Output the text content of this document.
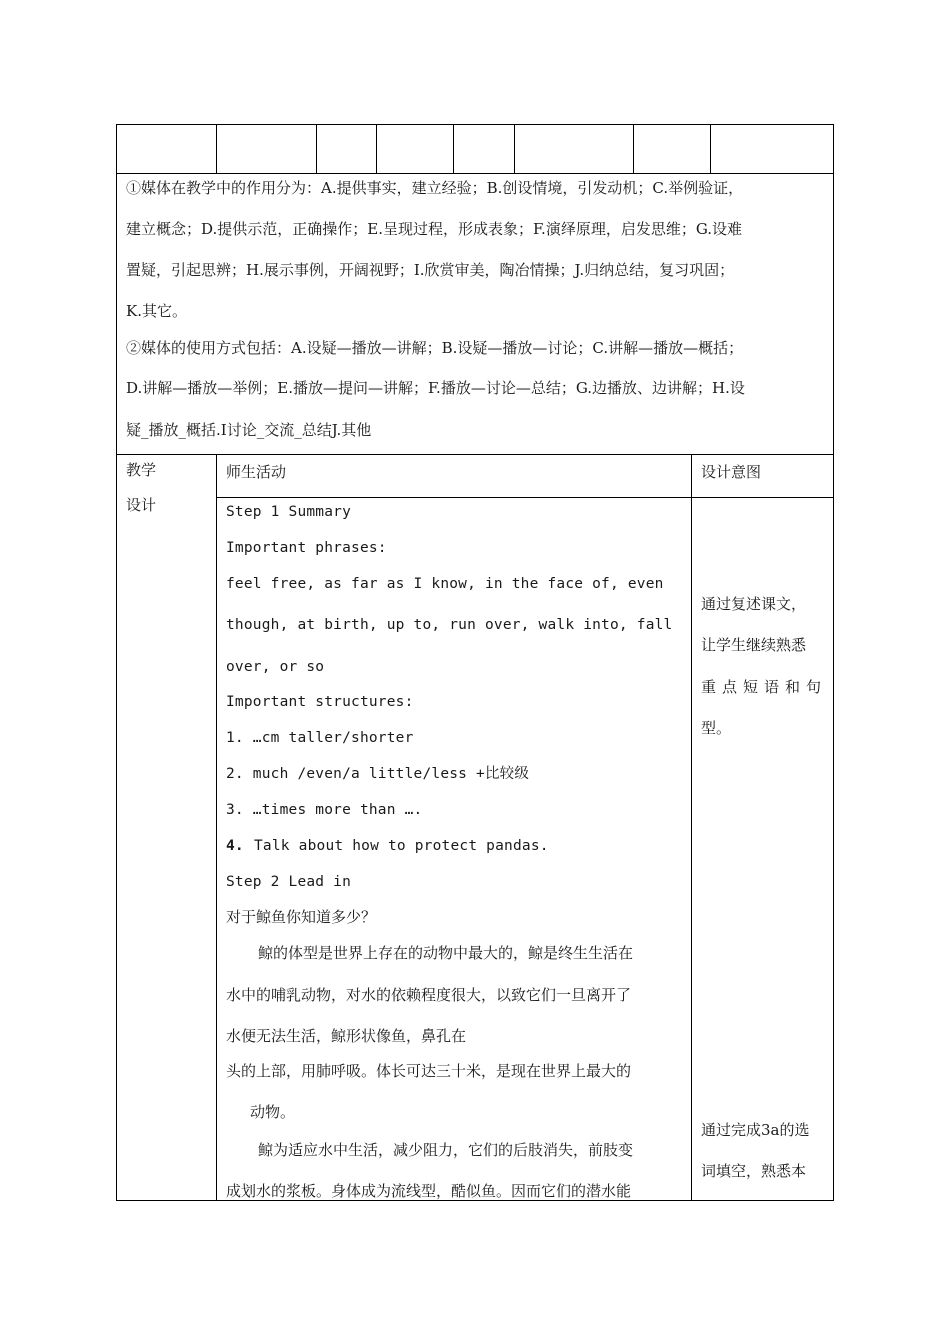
①媒体在教学中的作用分为：A.提供事实，建立经验；B.创设情境，引发动机；C.举例验证，
建立概念；D.提供示范，正确操作；E.呈现过程，形成表象；F.演绎原理，启发思维；G.设难
置疑，引起思辨；H.展示事例，开阔视野；I.欣赏审美，陶冶情操；J.归纳总结，复习巩固；
K.其它。
②媒体的使用方式包括：A.设疑—播放—讲解；B.设疑—播放—讨论；C.讲解—播放—概括；
D.讲解—播放—举例；E.播放—提问—讲解；F.播放—讨论—总结；G.边播放、边讲解；H.设
疑_播放_概括.I讨论_交流_总结J.其他
教学
设计
师生活动	设计意图
Step 1 Summary
Important phrases:
feel free, as far as I know, in the face of, even
though, at birth, up to, run over, walk into, fall
over, or so
Important structures:
1. …cm taller/shorter
2. much /even/a little/less +比较级
3. …times more than ….
4. Talk about how to protect pandas.
Step 2 Lead in
对于鲸鱼你知道多少？
鲸的体型是世界上存在的动物中最大的，鲸是终生生活在
水中的哺乳动物，对水的依赖程度很大，以致它们一旦离开了
水便无法生活，鲸形状像鱼，鼻孔在
头的上部，用肺呼吸。体长可达三十米，是现在世界上最大的
动物。
鲸为适应水中生活，减少阻力，它们的后肢消失，前肢变
成划水的浆板。身体成为流线型，酷似鱼。因而它们的潜水能
通过复述课文，
让学生继续熟悉
重点短语和句
型。
通过完成3a的选
词填空，熟悉本
